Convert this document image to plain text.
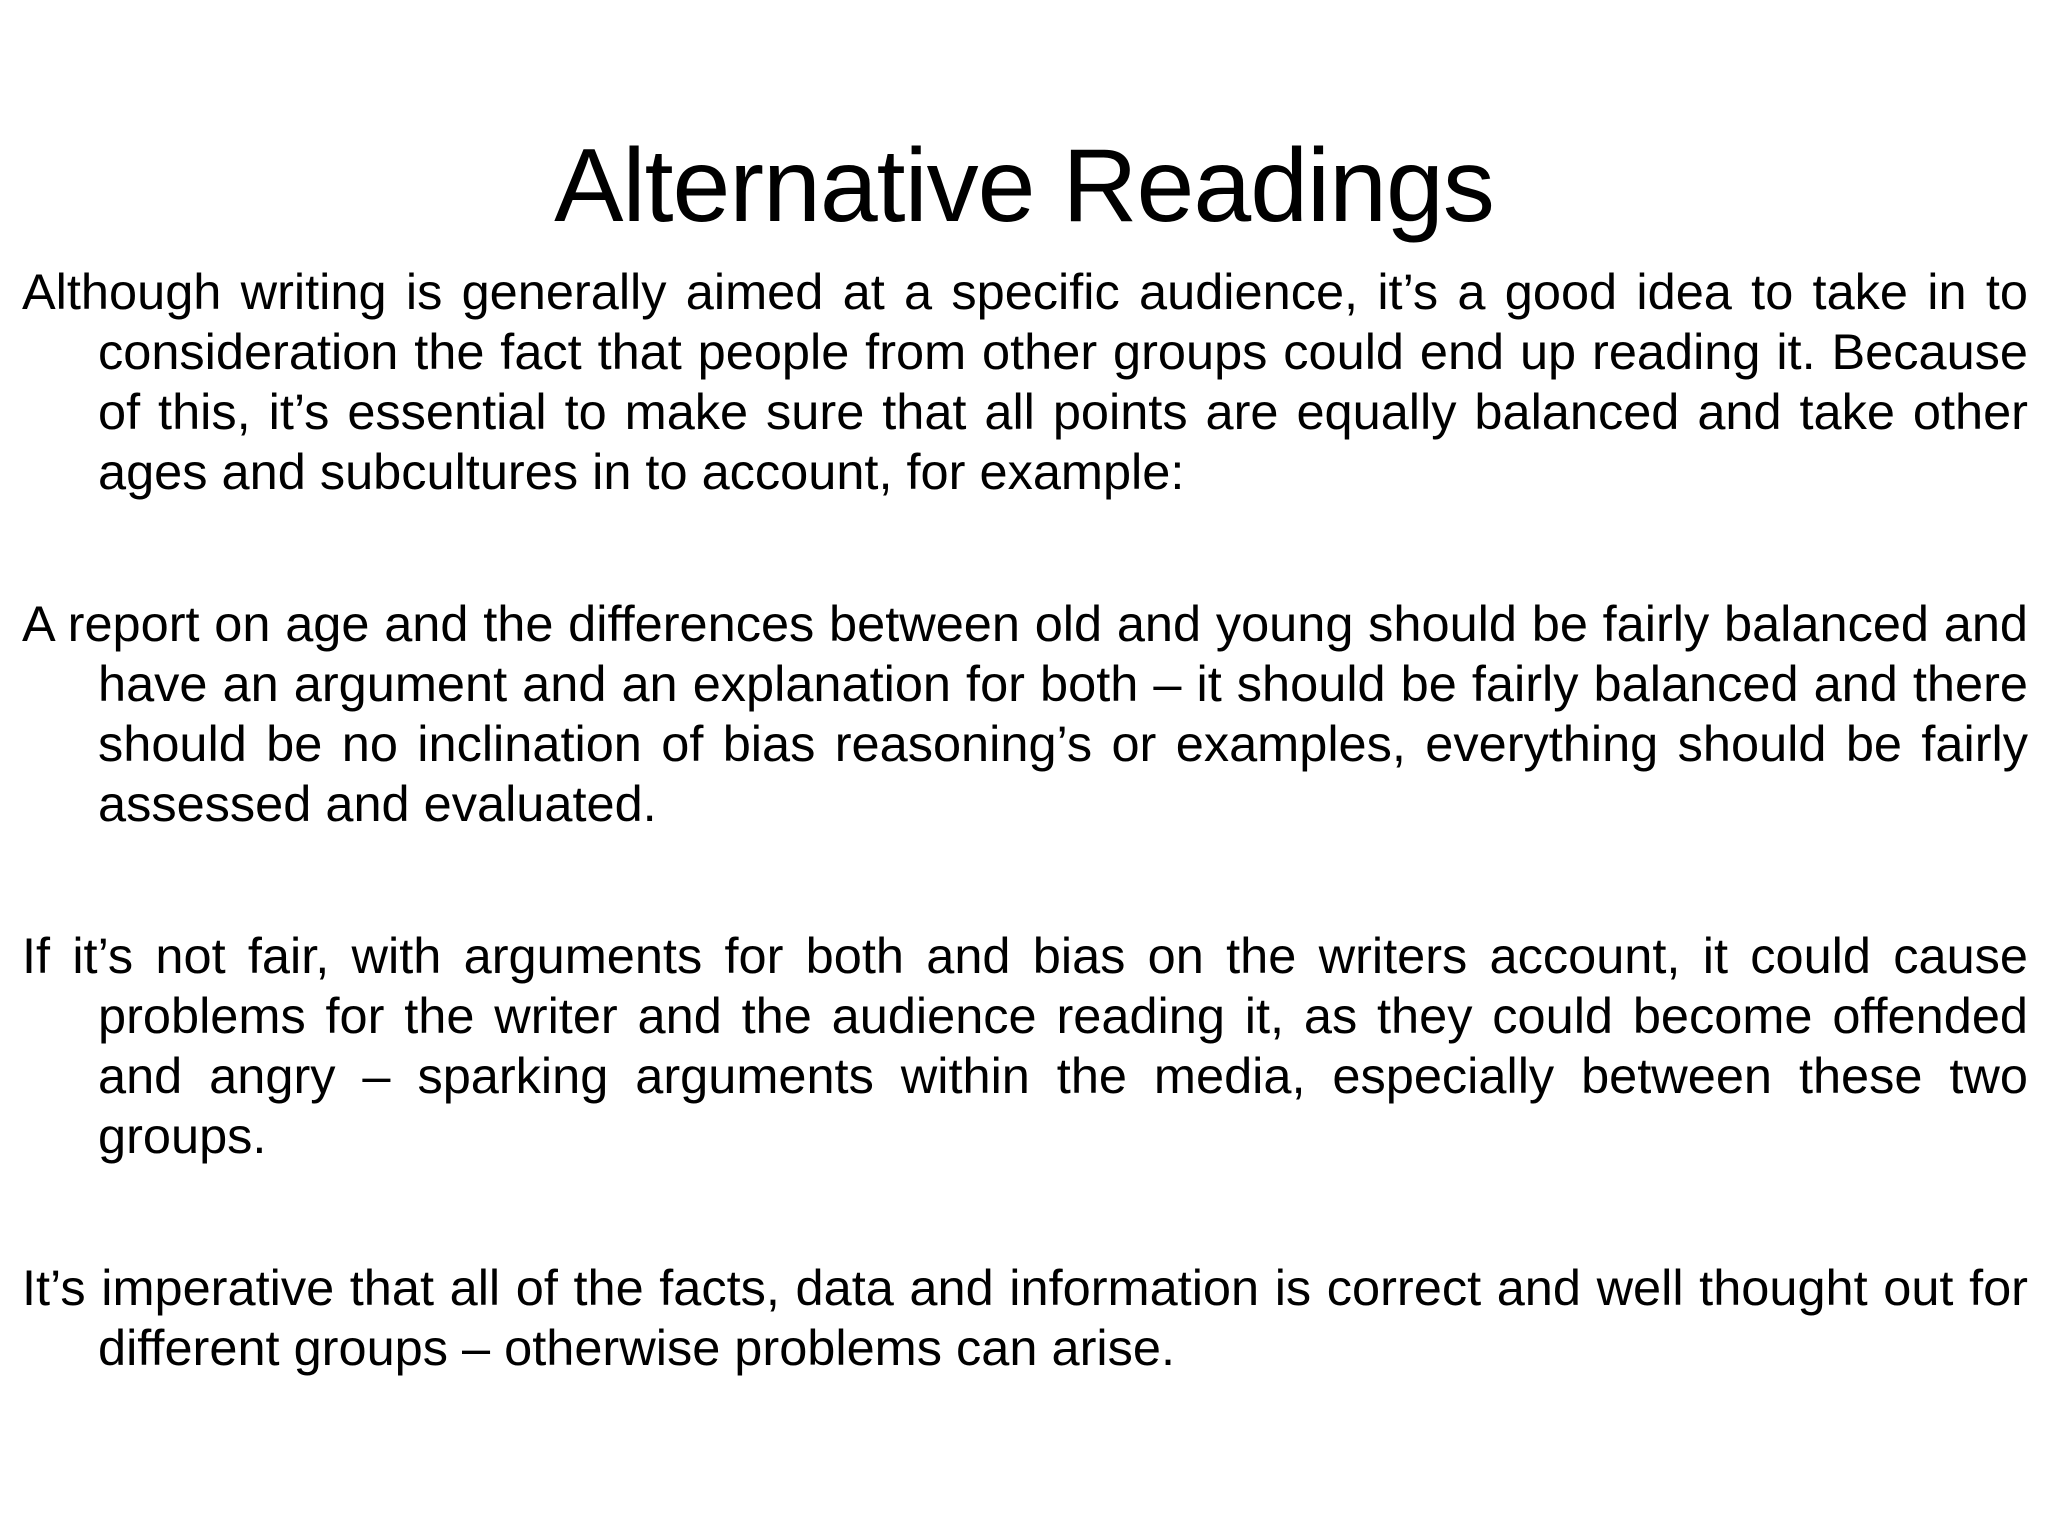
Alternative Readings

Although writing is generally aimed at a specific audience, it’s a good idea to take in to consideration the fact that people from other groups could end up reading it. Because of this, it’s essential to make sure that all points are equally balanced and take other ages and subcultures in to account, for example:

A report on age and the differences between old and young should be fairly balanced and have an argument and an explanation for both – it should be fairly balanced and there should be no inclination of bias reasoning’s or examples, everything should be fairly assessed and evaluated.

If it’s not fair, with arguments for both and bias on the writers account, it could cause problems for the writer and the audience reading it, as they could become offended and angry – sparking arguments within the media, especially between these two groups.

It’s imperative that all of the facts, data and information is correct and well thought out for different groups – otherwise problems can arise.
